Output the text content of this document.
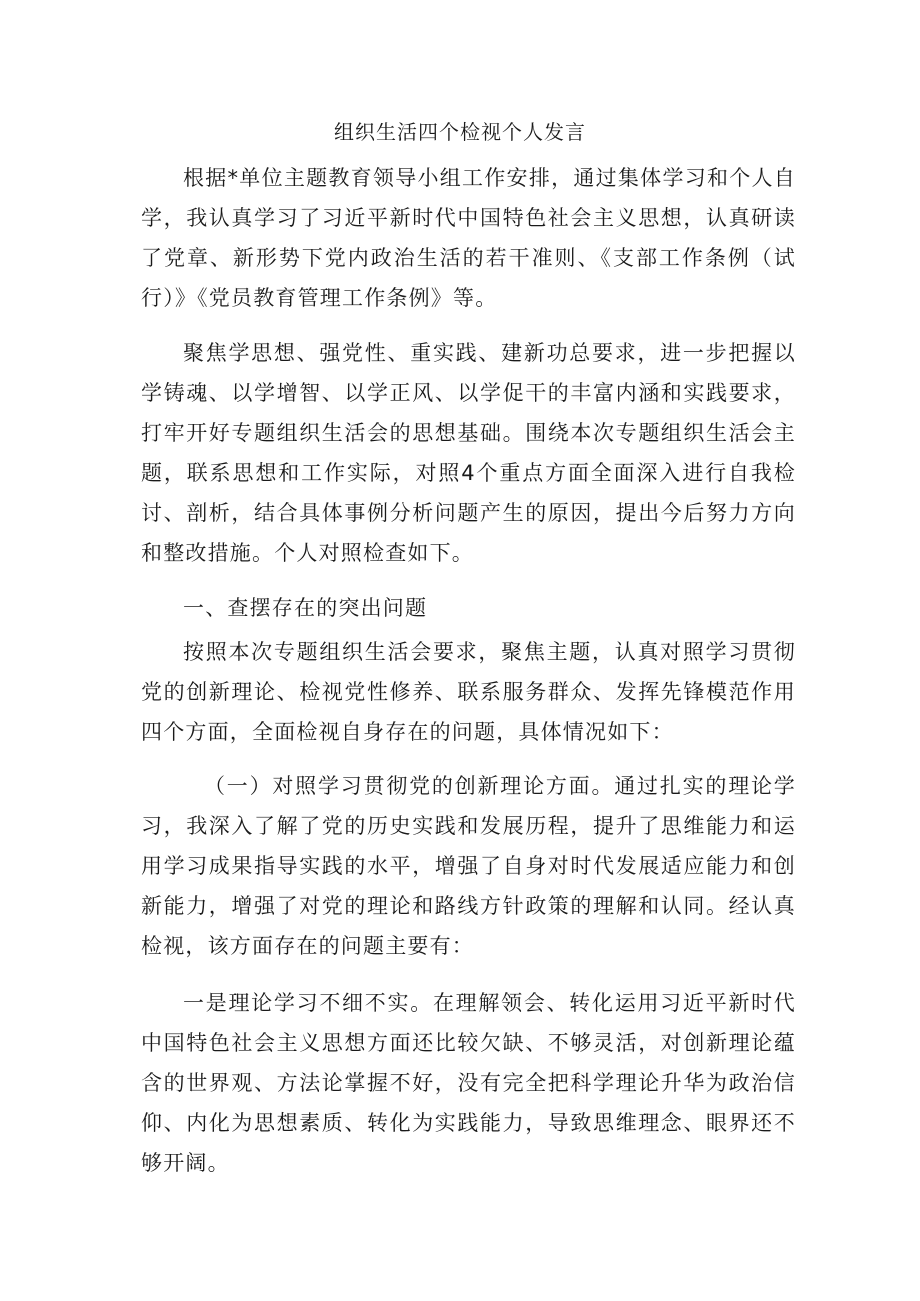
组织生活四个检视个人发言

根据*单位主题教育领导小组工作安排，通过集体学习和个人自学，我认真学习了习近平新时代中国特色社会主义思想，认真研读了党章、新形势下党内政治生活的若干准则、《支部工作条例（试行）》《党员教育管理工作条例》等。

聚焦学思想、强党性、重实践、建新功总要求，进一步把握以学铸魂、以学增智、以学正风、以学促干的丰富内涵和实践要求，打牢开好专题组织生活会的思想基础。围绕本次专题组织生活会主题，联系思想和工作实际，对照4个重点方面全面深入进行自我检讨、剖析，结合具体事例分析问题产生的原因，提出今后努力方向和整改措施。个人对照检查如下。

一、查摆存在的突出问题

按照本次专题组织生活会要求，聚焦主题，认真对照学习贯彻党的创新理论、检视党性修养、联系服务群众、发挥先锋模范作用四个方面，全面检视自身存在的问题，具体情况如下：

（一）对照学习贯彻党的创新理论方面。通过扎实的理论学习，我深入了解了党的历史实践和发展历程，提升了思维能力和运用学习成果指导实践的水平，增强了自身对时代发展适应能力和创新能力，增强了对党的理论和路线方针政策的理解和认同。经认真检视，该方面存在的问题主要有：

一是理论学习不细不实。在理解领会、转化运用习近平新时代中国特色社会主义思想方面还比较欠缺、不够灵活，对创新理论蕴含的世界观、方法论掌握不好，没有完全把科学理论升华为政治信仰、内化为思想素质、转化为实践能力，导致思维理念、眼界还不够开阔。
